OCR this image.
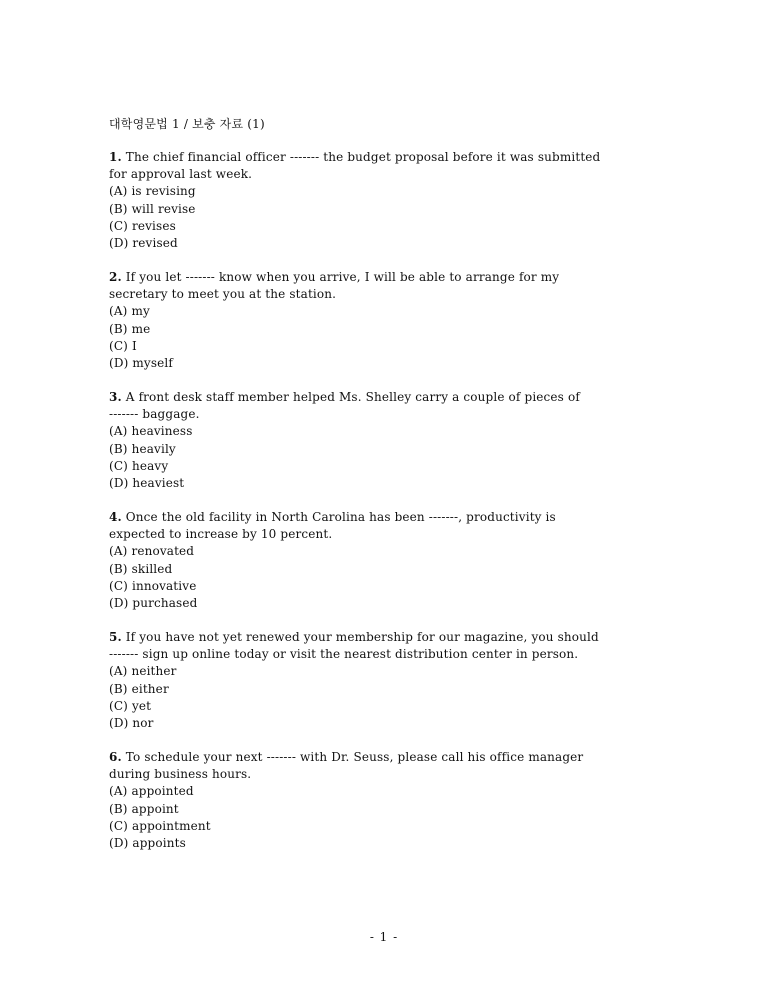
대학영문법 1 / 보충 자료 (1)
1. The chief financial officer ------- the budget proposal before it was submitted
for approval last week.
(A) is revising
(B) will revise
(C) revises
(D) revised
2. If you let ------- know when you arrive, I will be able to arrange for my
secretary to meet you at the station.
(A) my
(B) me
(C) I
(D) myself
3. A front desk staff member helped Ms. Shelley carry a couple of pieces of
------- baggage.
(A) heaviness
(B) heavily
(C) heavy
(D) heaviest
4. Once the old facility in North Carolina has been -------, productivity is
expected to increase by 10 percent.
(A) renovated
(B) skilled
(C) innovative
(D) purchased
5. If you have not yet renewed your membership for our magazine, you should
------- sign up online today or visit the nearest distribution center in person.
(A) neither
(B) either
(C) yet
(D) nor
6. To schedule your next ------- with Dr. Seuss, please call his office manager
during business hours.
(A) appointed
(B) appoint
(C) appointment
(D) appoints
- 1 -
